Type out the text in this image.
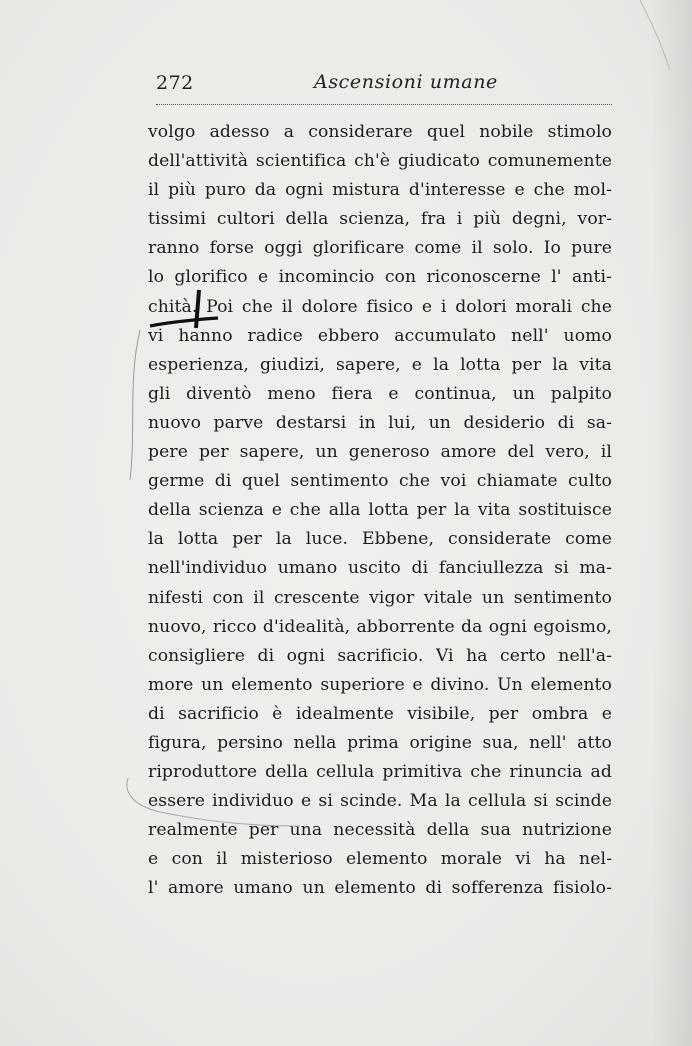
272	Ascensioni umane
volgo adesso a considerare quel nobile stimolo
dell'attività scientifica ch'è giudicato comunemente
il più puro da ogni mistura d'interesse e che mol-
tissimi cultori della scienza, fra i più degni, vor-
ranno forse oggi glorificare come il solo. Io pure
lo glorifico e incomincio con riconoscerne l' anti-
chità. Poi che il dolore fisico e i dolori morali che
vi hanno radice ebbero accumulato nell' uomo
esperienza, giudizi, sapere, e la lotta per la vita
gli diventò meno fiera e continua, un palpito
nuovo parve destarsi in lui, un desiderio di sa-
pere per sapere, un generoso amore del vero, il
germe di quel sentimento che voi chiamate culto
della scienza e che alla lotta per la vita sostituisce
la lotta per la luce. Ebbene, considerate come
nell'individuo umano uscito di fanciullezza si ma-
nifesti con il crescente vigor vitale un sentimento
nuovo, ricco d'idealità, abborrente da ogni egoismo,
consigliere di ogni sacrificio. Vi ha certo nell'a-
more un elemento superiore e divino. Un elemento
di sacrificio è idealmente visibile, per ombra e
figura, persino nella prima origine sua, nell' atto
riproduttore della cellula primitiva che rinuncia ad
essere individuo e si scinde. Ma la cellula si scinde
realmente per una necessità della sua nutrizione
e con il misterioso elemento morale vi ha nel-
l' amore umano un elemento di sofferenza fisiolo-
